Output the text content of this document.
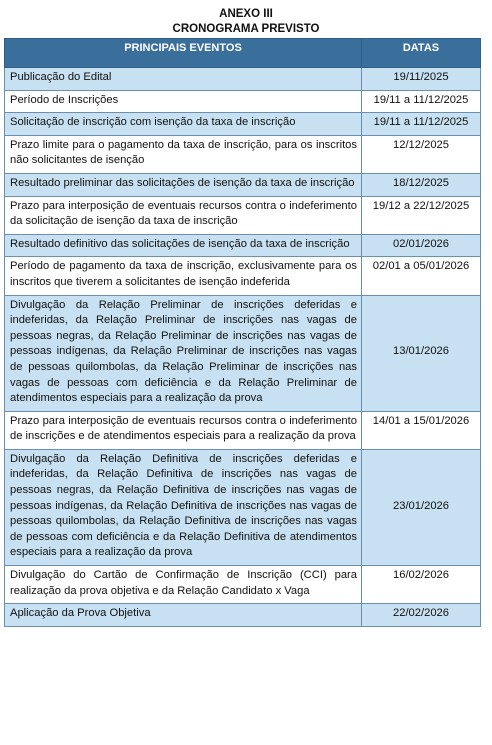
ANEXO III
CRONOGRAMA PREVISTO
PRINCIPAIS EVENTOS	DATAS
Publicação do Edital	19/11/2025
Período de Inscrições	19/11 a 11/12/2025
Solicitação de inscrição com isenção da taxa de inscrição	19/11 a 11/12/2025
Prazo limite para o pagamento da taxa de inscrição, para os inscritos não solicitantes de isenção	12/12/2025
Resultado preliminar das solicitações de isenção da taxa de inscrição	18/12/2025
Prazo para interposição de eventuais recursos contra o indeferimento da solicitação de isenção da taxa de inscrição	19/12 a 22/12/2025
Resultado definitivo das solicitações de isenção da taxa de inscrição	02/01/2026
Período de pagamento da taxa de inscrição, exclusivamente para os inscritos que tiverem a solicitantes de isenção indeferida	02/01 a 05/01/2026
Divulgação da Relação Preliminar de inscrições deferidas e indeferidas, da Relação Preliminar de inscrições nas vagas de pessoas negras, da Relação Preliminar de inscrições nas vagas de pessoas indígenas, da Relação Preliminar de inscrições nas vagas de pessoas quilombolas, da Relação Preliminar de inscrições nas vagas de pessoas com deficiência e da Relação Preliminar de atendimentos especiais para a realização da prova	13/01/2026
Prazo para interposição de eventuais recursos contra o indeferimento de inscrições e de atendimentos especiais para a realização da prova	14/01 a 15/01/2026
Divulgação da Relação Definitiva de inscrições deferidas e indeferidas, da Relação Definitiva de inscrições nas vagas de pessoas negras, da Relação Definitiva de inscrições nas vagas de pessoas indígenas, da Relação Definitiva de inscrições nas vagas de pessoas quilombolas, da Relação Definitiva de inscrições nas vagas de pessoas com deficiência e da Relação Definitiva de atendimentos especiais para a realização da prova	23/01/2026
Divulgação do Cartão de Confirmação de Inscrição (CCI) para realização da prova objetiva e da Relação Candidato x Vaga	16/02/2026
Aplicação da Prova Objetiva	22/02/2026
